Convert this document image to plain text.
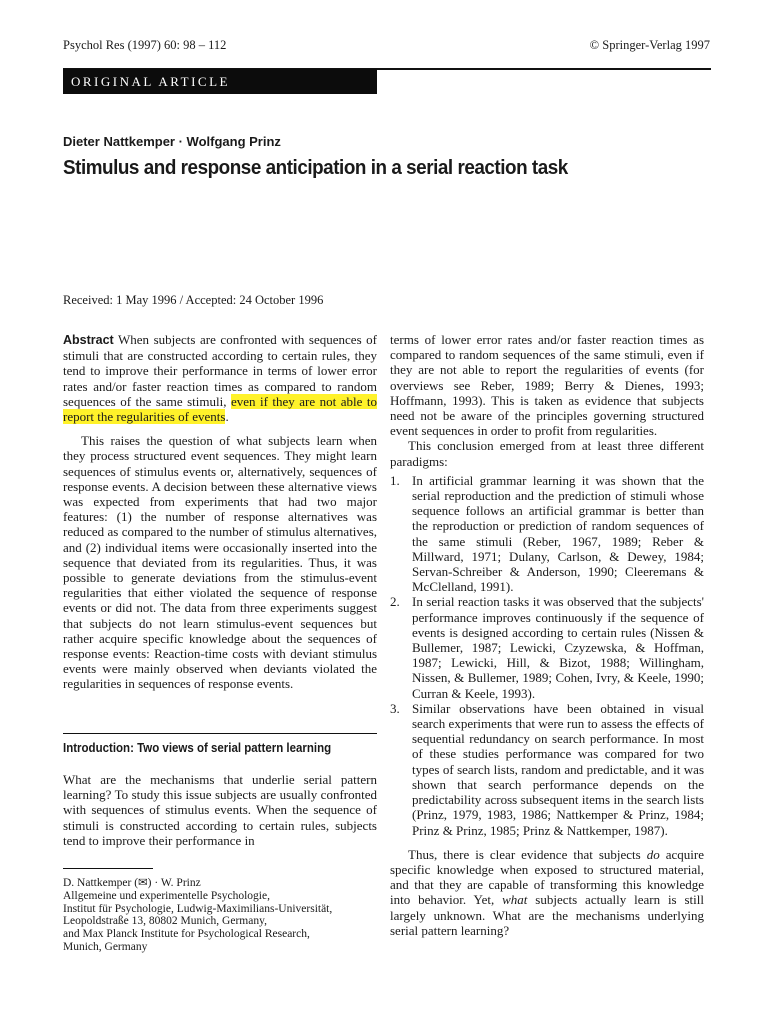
Psychol Res (1997) 60: 98 – 112	© Springer-Verlag 1997
ORIGINAL ARTICLE
Dieter Nattkemper · Wolfgang Prinz
Stimulus and response anticipation in a serial reaction task
Received: 1 May 1996 / Accepted: 24 October 1996

Abstract When subjects are confronted with sequences of stimuli that are constructed according to certain rules, they tend to improve their performance in terms of lower error rates and/or faster reaction times as compared to random sequences of the same stimuli, even if they are not able to report the regularities of events.

This raises the question of what subjects learn when they process structured event sequences. They might learn sequences of stimulus events or, alternatively, sequences of response events. A decision between these alternative views was expected from experiments that had two major features: (1) the number of response alternatives was reduced as compared to the number of stimulus alternatives, and (2) individual items were occasionally inserted into the sequence that deviated from its regularities. Thus, it was possible to generate deviations from the stimulus-event regularities that either violated the sequence of response events or did not. The data from three experiments suggest that subjects do not learn stimulus-event sequences but rather acquire specific knowledge about the sequences of response events: Reaction-time costs with deviant stimulus events were mainly observed when deviants violated the regularities in sequences of response events.

Introduction: Two views of serial pattern learning
What are the mechanisms that underlie serial pattern learning? To study this issue subjects are usually confronted with sequences of stimulus events. When the sequence of stimuli is constructed according to certain rules, subjects tend to improve their performance in
D. Nattkemper (✉) · W. Prinz
Allgemeine und experimentelle Psychologie,
Institut für Psychologie, Ludwig-Maximilians-Universität,
Leopoldstraße 13, 80802 Munich, Germany,
and Max Planck Institute for Psychological Research,
Munich, Germany

terms of lower error rates and/or faster reaction times as compared to random sequences of the same stimuli, even if they are not able to report the regularities of events (for overviews see Reber, 1989; Berry & Dienes, 1993; Hoffmann, 1993). This is taken as evidence that subjects need not be aware of the principles governing structured event sequences in order to profit from regularities.

This conclusion emerged from at least three different paradigms:

1. In artificial grammar learning it was shown that the serial reproduction and the prediction of stimuli whose sequence follows an artificial grammar is better than the reproduction or prediction of random sequences of the same stimuli (Reber, 1967, 1989; Reber & Millward, 1971; Dulany, Carlson, & Dewey, 1984; Servan-Schreiber & Anderson, 1990; Cleeremans & McClelland, 1991).
2. In serial reaction tasks it was observed that the subjects' performance improves continuously if the sequence of events is designed according to certain rules (Nissen & Bullemer, 1987; Lewicki, Czyzewska, & Hoffman, 1987; Lewicki, Hill, & Bizot, 1988; Willingham, Nissen, & Bullemer, 1989; Cohen, Ivry, & Keele, 1990; Curran & Keele, 1993).
3. Similar observations have been obtained in visual search experiments that were run to assess the effects of sequential redundancy on search performance. In most of these studies performance was compared for two types of search lists, random and predictable, and it was shown that search performance depends on the predictability across subsequent items in the search lists (Prinz, 1979, 1983, 1986; Nattkemper & Prinz, 1984; Prinz & Prinz, 1985; Prinz & Nattkemper, 1987).

Thus, there is clear evidence that subjects do acquire specific knowledge when exposed to structured material, and that they are capable of transforming this knowledge into behavior. Yet, what subjects actually learn is still largely unknown. What are the mechanisms underlying serial pattern learning?
